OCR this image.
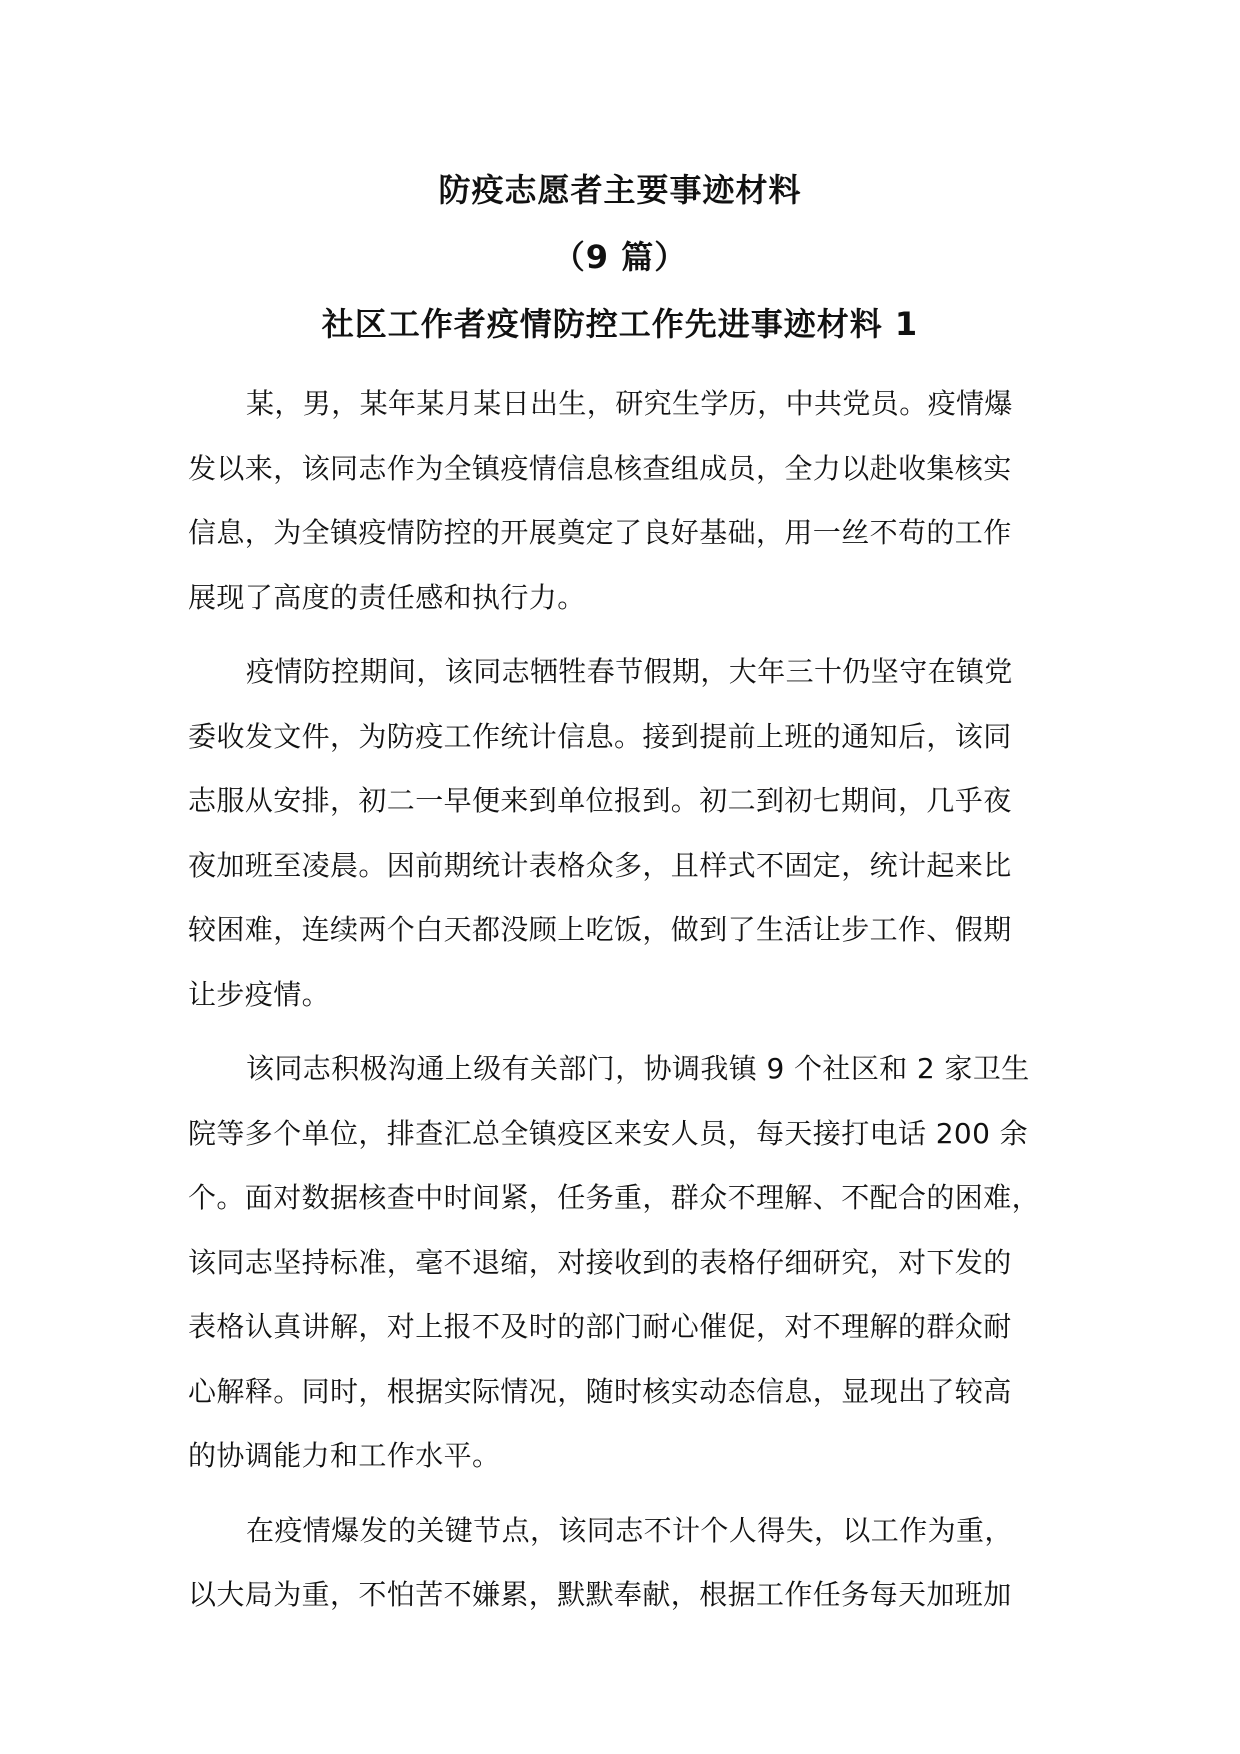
防疫志愿者主要事迹材料

（9 篇）

社区工作者疫情防控工作先进事迹材料 1

某，男，某年某月某日出生，研究生学历，中共党员。疫情爆
发以来，该同志作为全镇疫情信息核查组成员，全力以赴收集核实
信息，为全镇疫情防控的开展奠定了良好基础，用一丝不苟的工作
展现了高度的责任感和执行力。

疫情防控期间，该同志牺牲春节假期，大年三十仍坚守在镇党
委收发文件，为防疫工作统计信息。接到提前上班的通知后，该同
志服从安排，初二一早便来到单位报到。初二到初七期间，几乎夜
夜加班至凌晨。因前期统计表格众多，且样式不固定，统计起来比
较困难，连续两个白天都没顾上吃饭，做到了生活让步工作、假期
让步疫情。

该同志积极沟通上级有关部门，协调我镇 9 个社区和 2 家卫生
院等多个单位，排查汇总全镇疫区来安人员，每天接打电话 200 余
个。面对数据核查中时间紧，任务重，群众不理解、不配合的困难，
该同志坚持标准，毫不退缩，对接收到的表格仔细研究，对下发的
表格认真讲解，对上报不及时的部门耐心催促，对不理解的群众耐
心解释。同时，根据实际情况，随时核实动态信息，显现出了较高
的协调能力和工作水平。

在疫情爆发的关键节点，该同志不计个人得失，以工作为重，
以大局为重，不怕苦不嫌累，默默奉献，根据工作任务每天加班加
